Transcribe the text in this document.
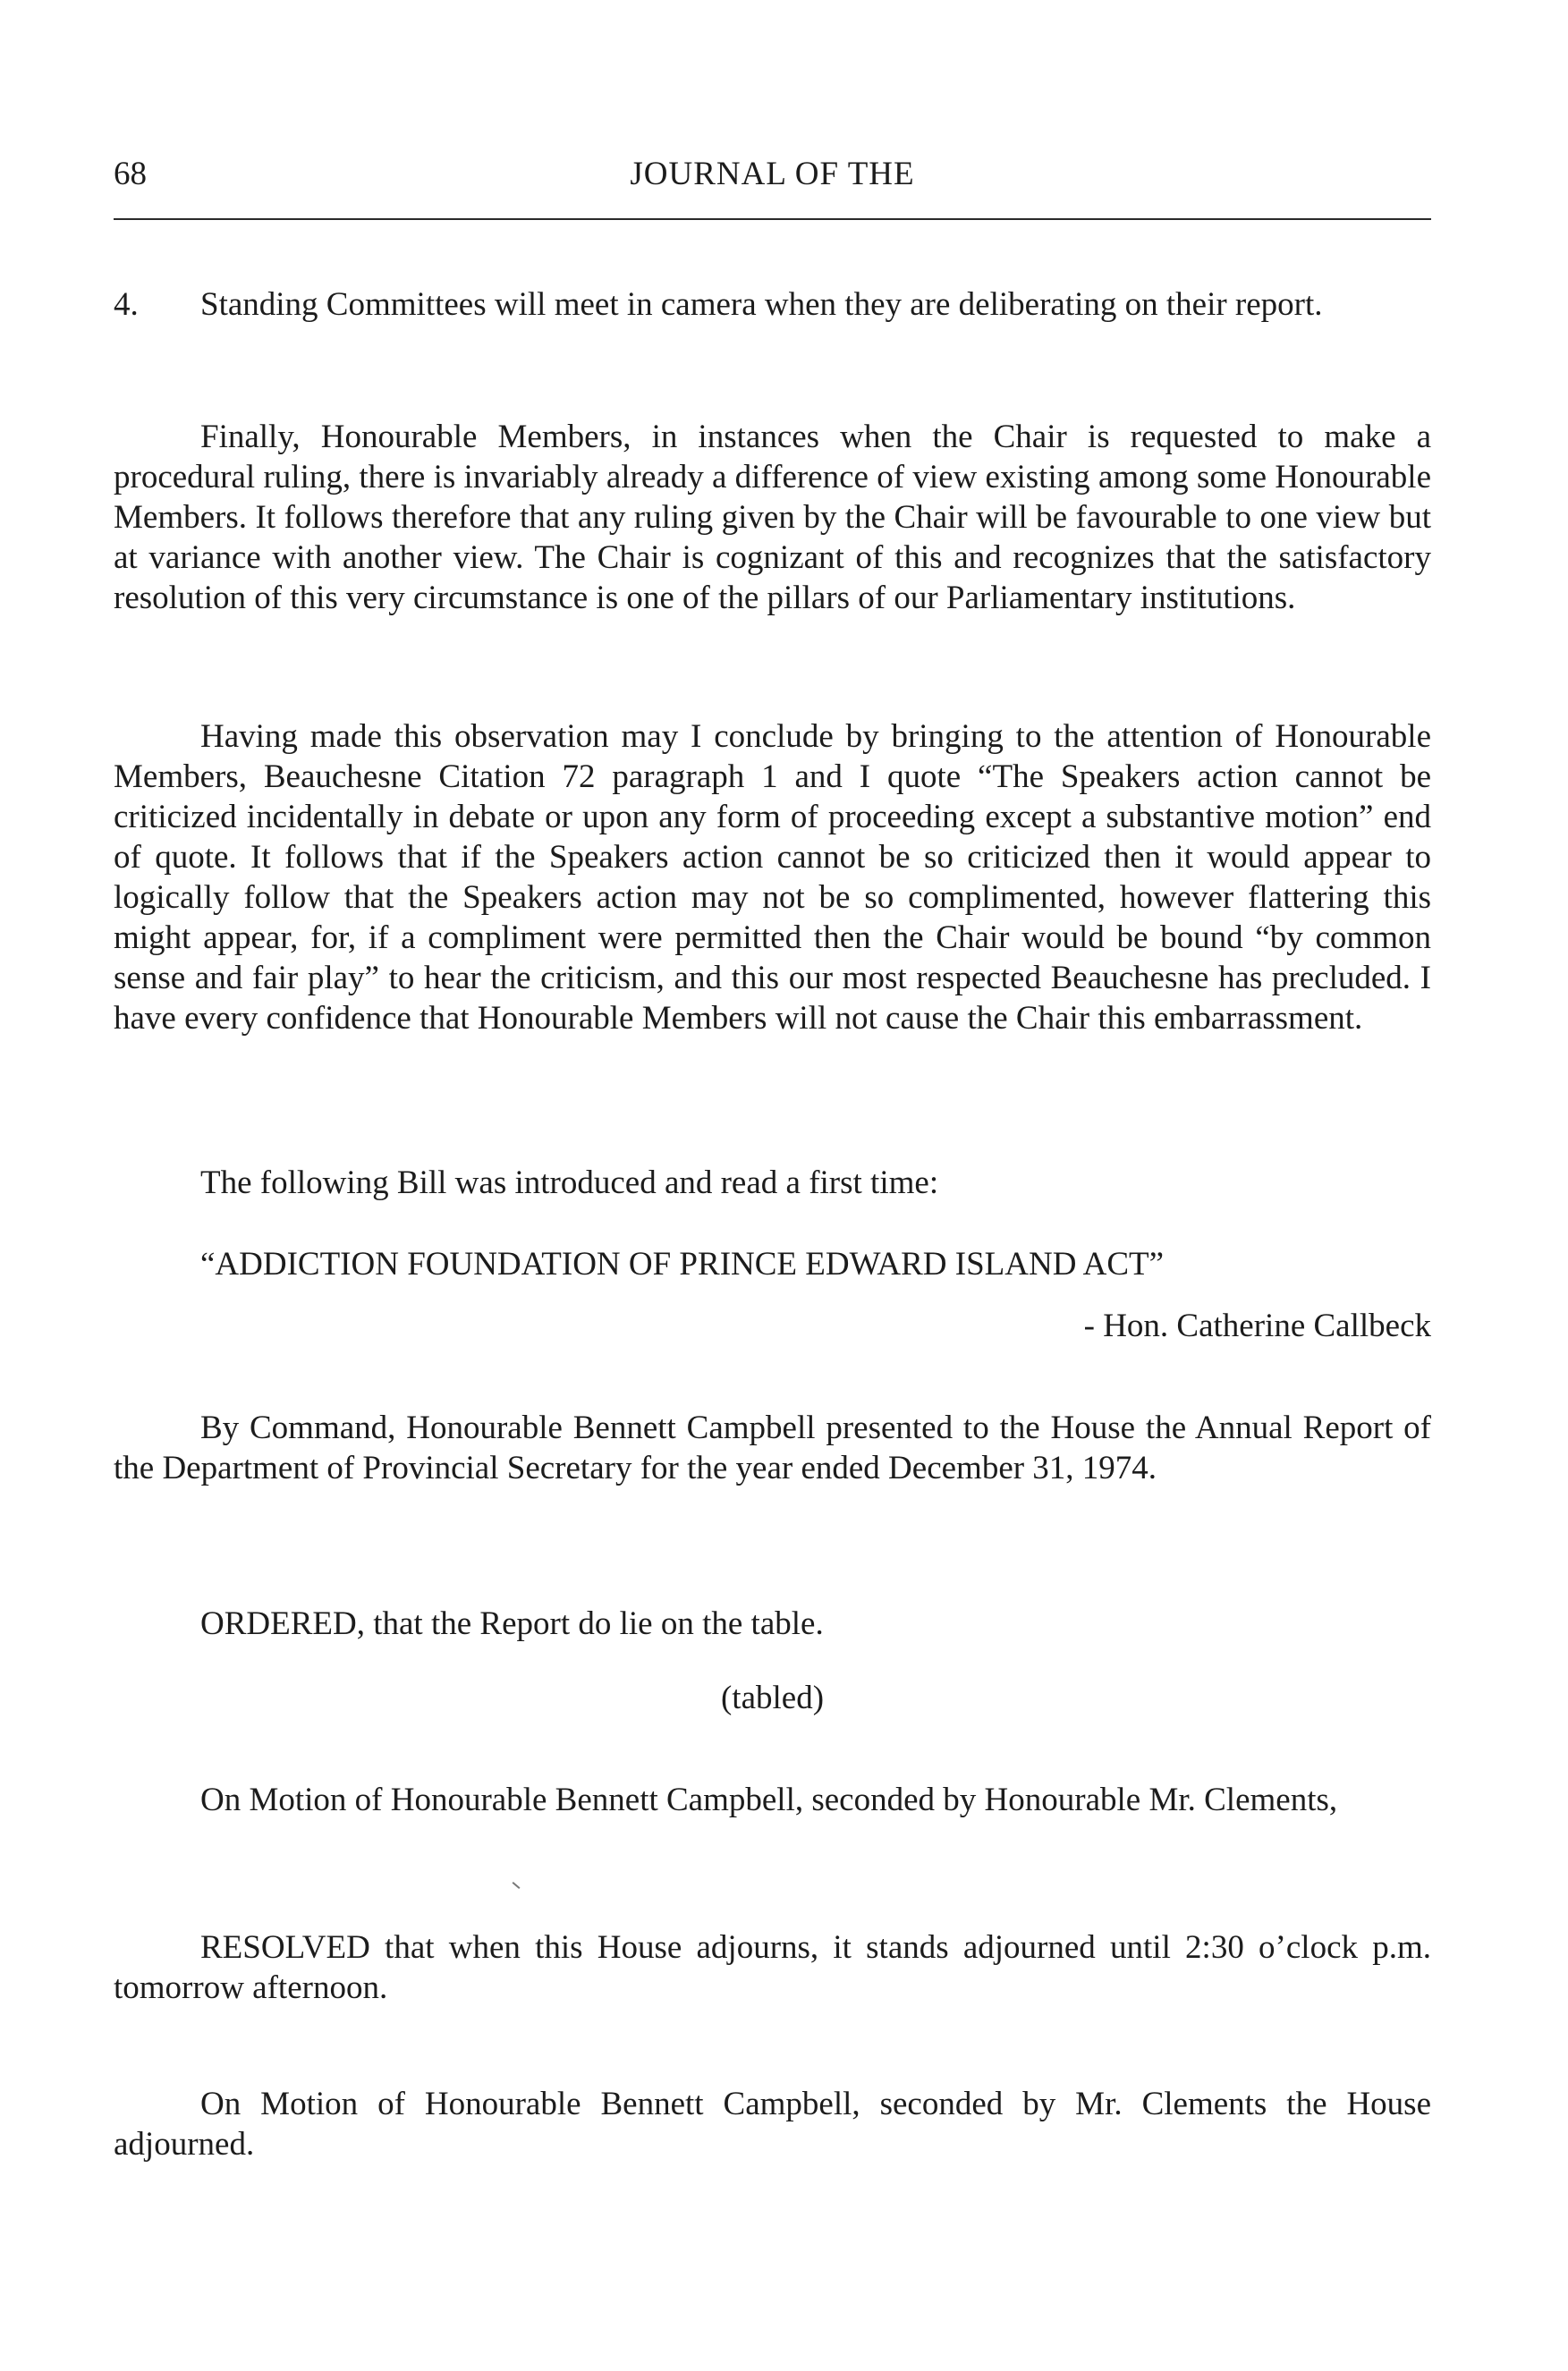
68	JOURNAL OF THE
4. Standing Committees will meet in camera when they are deliberating on their report.

Finally, Honourable Members, in instances when the Chair is requested to make a procedural ruling, there is invariably already a difference of view existing among some Honourable Members. It follows therefore that any ruling given by the Chair will be favourable to one view but at variance with another view. The Chair is cognizant of this and recognizes that the satisfactory resolution of this very circumstance is one of the pillars of our Parliamentary institutions.

Having made this observation may I conclude by bringing to the attention of Honourable Members, Beauchesne Citation 72 paragraph 1 and I quote “The Speakers action cannot be criticized incidentally in debate or upon any form of proceeding except a substantive motion” end of quote. It follows that if the Speakers action cannot be so criticized then it would appear to logically follow that the Speakers action may not be so complimented, however flattering this might appear, for, if a compliment were permitted then the Chair would be bound “by common sense and fair play” to hear the criticism, and this our most respected Beauchesne has precluded. I have every confidence that Honourable Members will not cause the Chair this embarrassment.

The following Bill was introduced and read a first time:

“ADDICTION FOUNDATION OF PRINCE EDWARD ISLAND ACT”

- Hon. Catherine Callbeck

By Command, Honourable Bennett Campbell presented to the House the Annual Report of the Department of Provincial Secretary for the year ended December 31, 1974.

ORDERED, that the Report do lie on the table.

(tabled)

On Motion of Honourable Bennett Campbell, seconded by Honourable Mr. Clements,

RESOLVED that when this House adjourns, it stands adjourned until 2:30 o’clock p.m. tomorrow afternoon.

On Motion of Honourable Bennett Campbell, seconded by Mr. Clements the House adjourned.
